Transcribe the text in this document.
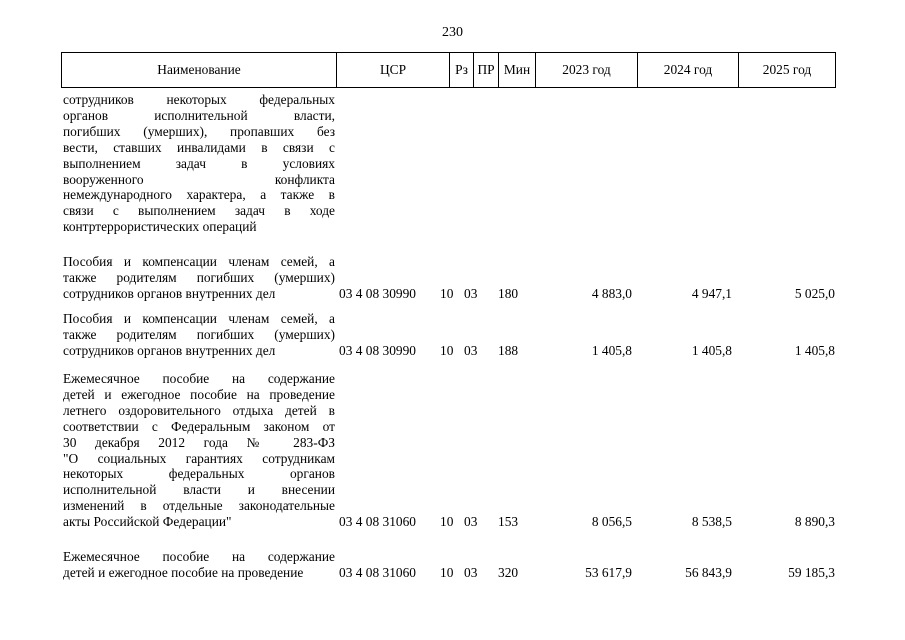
230
Наименование	ЦСР	Рз ПР Мин	2023 год	2024 год	2025 год
сотрудников некоторых федеральных
органов исполнительной власти,
погибших (умерших), пропавших без
вести, ставших инвалидами в связи с
выполнением задач в условиях
вооруженного конфликта
немеждународного характера, а также в
связи с выполнением задач в ходе
контртеррористических операций
Пособия и компенсации членам семей, а
также родителям погибших (умерших)
сотрудников органов внутренних дел	03 4 08 30990 10 03 180	4 883,0	4 947,1	5 025,0
Пособия и компенсации членам семей, а
также родителям погибших (умерших)
сотрудников органов внутренних дел	03 4 08 30990 10 03 188	1 405,8	1 405,8	1 405,8
Ежемесячное пособие на содержание
детей и ежегодное пособие на проведение
летнего оздоровительного отдыха детей в
соответствии с Федеральным законом от
30 декабря 2012 года № 283-ФЗ
"О социальных гарантиях сотрудникам
некоторых федеральных органов
исполнительной власти и внесении
изменений в отдельные законодательные
акты Российской Федерации"	03 4 08 31060 10 03 153	8 056,5	8 538,5	8 890,3
Ежемесячное пособие на содержание
детей и ежегодное пособие на проведение	03 4 08 31060 10 03 320	53 617,9	56 843,9	59 185,3
